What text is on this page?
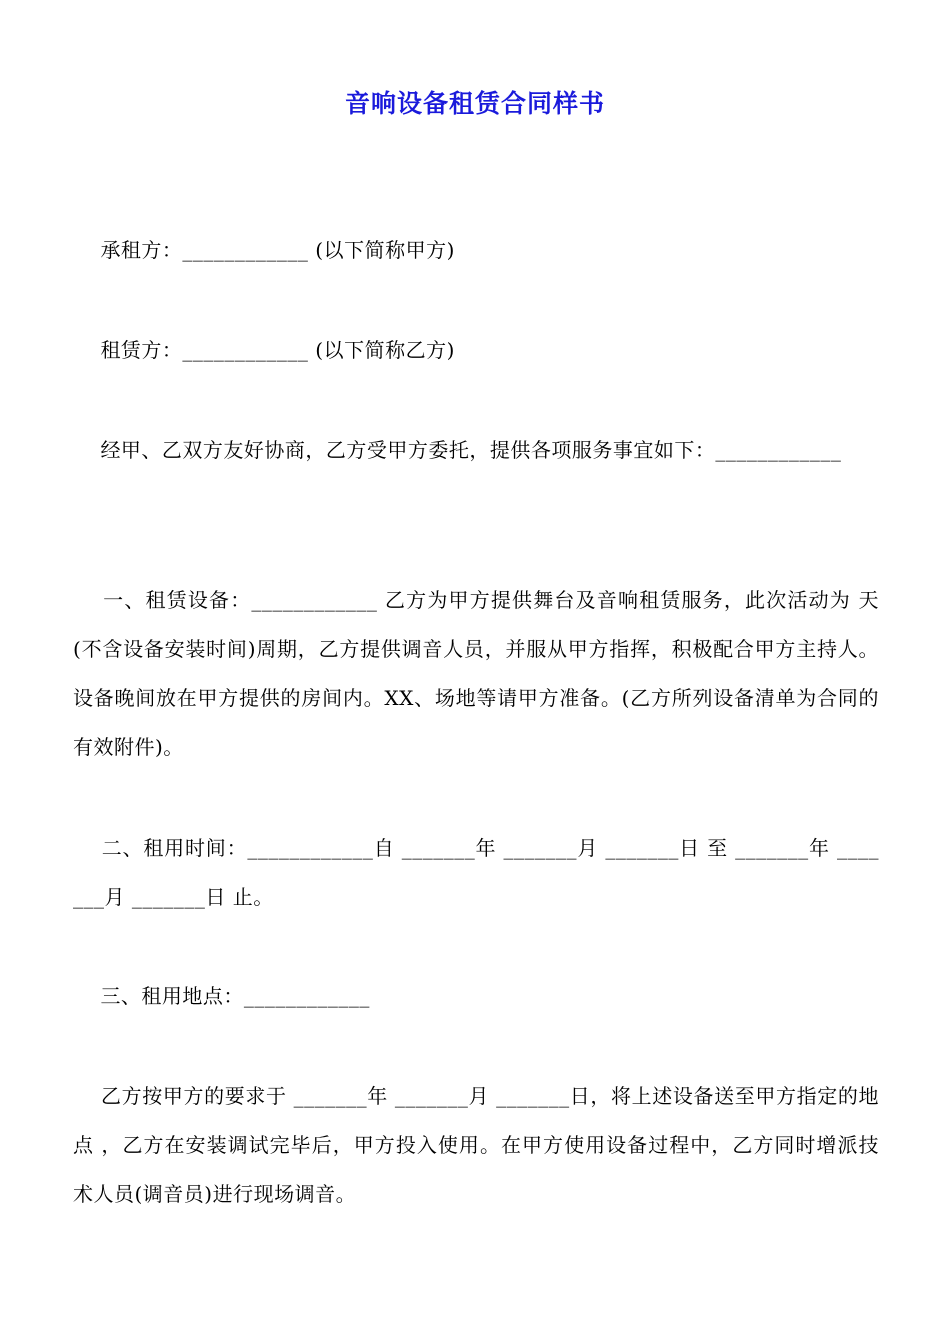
音响设备租赁合同样书
承租方：____________ (以下简称甲方)
租赁方：____________ (以下简称乙方)
经甲、乙双方友好协商，乙方受甲方委托，提供各项服务事宜如下：____________
一、租赁设备：____________ 乙方为甲方提供舞台及音响租赁服务，此次活动为 天(不含设备安装时间)周期，乙方提供调音人员，并服从甲方指挥，积极配合甲方主持人。设备晚间放在甲方提供的房间内。XX、场地等请甲方准备。(乙方所列设备清单为合同的有效附件)。
二、租用时间：____________自 _______年 _______月 _______日 至 _______年 _______月 _______日 止。
三、租用地点：____________
乙方按甲方的要求于 _______年 _______月 _______日，将上述设备送至甲方指定的地点 ，乙方在安装调试完毕后，甲方投入使用。在甲方使用设备过程中，乙方同时增派技术人员(调音员)进行现场调音。
